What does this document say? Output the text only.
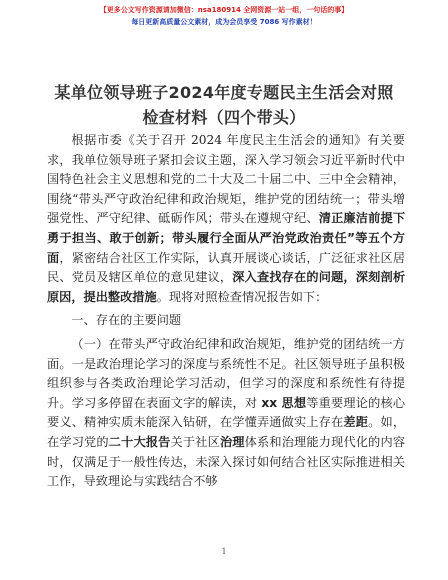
【更多公文写作资源请加微信：nsa180914 全网资源一站一组，一句话的事】
每日更新高质量公文素材，成为会员享受 7086 写作素材！
某单位领导班子2024年度专题民主生活会对照
检查材料（四个带头）

根据市委《关于召开 2024 年度民主生活会的通知》有关要求，我单位领导班子紧扣会议主题，深入学习领会习近平新时代中国特色社会主义思想和党的二十大及二十届二中、三中全会精神，围绕“带头严守政治纪律和政治规矩，维护党的团结统一；带头增强党性、严守纪律、砥砺作风；带头在遵规守纪、清正廉洁前提下勇于担当、敢于创新；带头履行全面从严治党政治责任”等五个方面，紧密结合社区工作实际，认真开展谈心谈话，广泛征求社区居民、党员及辖区单位的意见建议，深入查找存在的问题，深刻剖析原因，提出整改措施。现将对照检查情况报告如下：

一、存在的主要问题

（一）在带头严守政治纪律和政治规矩，维护党的团结统一方面。一是政治理论学习的深度与系统性不足。社区领导班子虽积极组织参与各类政治理论学习活动，但学习的深度和系统性有待提升。学习多停留在表面文字的解读，对 xx 思想等重要理论的核心要义、精神实质未能深入钻研，在学懂弄通做实上存在差距。如，在学习党的二十大报告关于社区治理体系和治理能力现代化的内容时，仅满足于一般性传达，未深入探讨如何结合社区实际推进相关工作，导致理论与实践结合不够

1
